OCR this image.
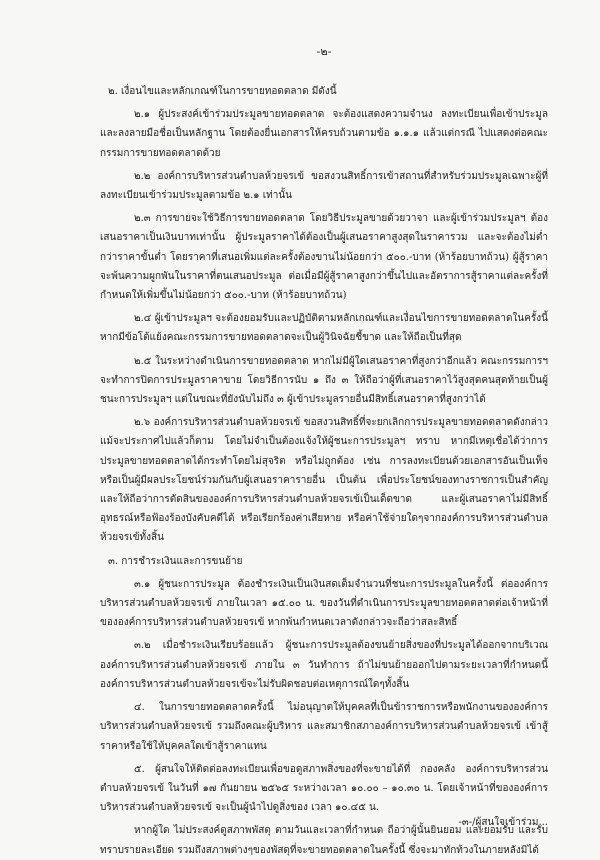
-๒-

๒. เงื่อนไขและหลักเกณฑ์ในการขายทอดตลาด มีดังนี้

๒.๑ ผู้ประสงค์เข้าร่วมประมูลขายทอดตลาด จะต้องแสดงความจำนง ลงทะเบียนเพื่อเข้าประมูล และลงลายมือชื่อเป็นหลักฐาน โดยต้องยื่นเอกสารให้ครบถ้วนตามข้อ ๑.๑.๑ แล้วแต่กรณี ไปแสดงต่อคณะกรรมการขายทอดตลาดด้วย

๒.๒ องค์การบริหารส่วนตำบลห้วยจรเข้ ขอสงวนสิทธิ์การเข้าสถานที่สำหรับร่วมประมูลเฉพาะผู้ที่ลงทะเบียนเข้าร่วมประมูลตามข้อ ๒.๑ เท่านั้น

๒.๓ การขายจะใช้วิธีการขายทอดตลาด โดยวิธีประมูลขายด้วยวาจา และผู้เข้าร่วมประมูลฯ ต้องเสนอราคาเป็นเงินบาทเท่านั้น ผู้ประมูลราคาได้ต้องเป็นผู้เสนอราคาสูงสุดในราคารวม และจะต้องไม่ต่ำกว่าราคาขั้นต่ำ โดยราคาที่เสนอเพิ่มแต่ละครั้งต้องขานไม่น้อยกว่า ๕๐๐.-บาท (ห้าร้อยบาทถ้วน) ผู้สู้ราคาจะพ้นความผูกพันในราคาที่ตนเสนอประมูล ต่อเมื่อมีผู้สู้ราคาสูงกว่าขึ้นไปและอัตราการสู้ราคาแต่ละครั้งที่กำหนดให้เพิ่มขึ้นไม่น้อยกว่า ๕๐๐.-บาท (ห้าร้อยบาทถ้วน)

๒.๔ ผู้เข้าประมูลฯ จะต้องยอมรับและปฏิบัติตามหลักเกณฑ์และเงื่อนไขการขายทอดตลาดในครั้งนี้ หากมีข้อโต้แย้งคณะกรรมการขายทอดตลาดจะเป็นผู้วินิจฉัยชี้ขาด และให้ถือเป็นที่สุด

๒.๕ ในระหว่างดำเนินการขายทอดตลาด หากไม่มีผู้ใดเสนอราคาที่สูงกว่าอีกแล้ว คณะกรรมการฯ จะทำการปิดการประมูลราคาขาย โดยวิธีการนับ ๑ ถึง ๓ ให้ถือว่าผู้ที่เสนอราคาไว้สูงสุดคนสุดท้ายเป็นผู้ชนะการประมูลฯ แต่ในขณะที่ยังนับไม่ถึง ๓ ผู้เข้าประมูลรายอื่นมีสิทธิ์เสนอราคาที่สูงกว่าได้

๒.๖ องค์การบริหารส่วนตำบลห้วยจรเข้ ขอสงวนสิทธิ์ที่จะยกเลิกการประมูลขายทอดตลาดดังกล่าว แม้จะประกาศไปแล้วก็ตาม โดยไม่จำเป็นต้องแจ้งให้ผู้ชนะการประมูลฯ ทราบ หากมีเหตุเชื่อได้ว่าการประมูลขายทอดตลาดได้กระทำโดยไม่สุจริต หรือไม่ถูกต้อง เช่น การลงทะเบียนด้วยเอกสารอันเป็นเท็จ หรือเป็นผู้มีผลประโยชน์ร่วมกันกับผู้เสนอราคารายอื่น เป็นต้น เพื่อประโยชน์ของทางราชการเป็นสำคัญและให้ถือว่าการตัดสินขององค์การบริหารส่วนตำบลห้วยจรเข้เป็นเด็ดขาด และผู้เสนอราคาไม่มีสิทธิ์อุทธรณ์หรือฟ้องร้องบังคับคดีได้ หรือเรียกร้องค่าเสียหาย หรือค่าใช้จ่ายใดๆจากองค์การบริหารส่วนตำบลห้วยจรเข้ทั้งสิ้น

๓. การชำระเงินและการขนย้าย

๓.๑ ผู้ชนะการประมูล ต้องชำระเงินเป็นเงินสดเต็มจำนวนที่ชนะการประมูลในครั้งนี้ ต่อองค์การบริหารส่วนตำบลห้วยจรเข้ ภายในเวลา ๑๕.๐๐ น. ของวันที่ดำเนินการประมูลขายทอดตลาดต่อเจ้าหน้าที่ขององค์การบริหารส่วนตำบลห้วยจรเข้ หากพ้นกำหนดเวลาดังกล่าวจะถือว่าสละสิทธิ์

๓.๒ เมื่อชำระเงินเรียบร้อยแล้ว ผู้ชนะการประมูลต้องขนย้ายสิ่งของที่ประมูลได้ออกจากบริเวณองค์การบริหารส่วนตำบลห้วยจรเข้ ภายใน ๓ วันทำการ ถ้าไม่ขนย้ายออกไปตามระยะเวลาที่กำหนดนี้องค์การบริหารส่วนตำบลห้วยจรเข้จะไม่รับผิดชอบต่อเหตุการณ์ใดๆทั้งสิ้น

๔. ในการขายทอดตลาดครั้งนี้ ไม่อนุญาตให้บุคคลที่เป็นข้าราชการหรือพนักงานขององค์การบริหารส่วนตำบลห้วยจรเข้ รวมถึงคณะผู้บริหาร และสมาชิกสภาองค์การบริหารส่วนตำบลห้วยจรเข้ เข้าสู้ราคาหรือใช้ให้บุคคลใดเข้าสู้ราคาแทน

๕. ผู้สนใจให้ติดต่อลงทะเบียนเพื่อขอดูสภาพสิ่งของที่จะขายได้ที่ กองคลัง องค์การบริหารส่วนตำบลห้วยจรเข้ ในวันที่ ๑๗ กันยายน ๒๕๖๕ ระหว่างเวลา ๑๐.๐๐ – ๑๐.๓๐ น. โดยเจ้าหน้าที่ขององค์การบริหารส่วนตำบลห้วยจรเข้ จะเป็นผู้นำไปดูสิ่งของ เวลา ๑๐.๔๕ น.

หากผู้ใด ไม่ประสงค์ดูสภาพพัสดุ ตามวันและเวลาที่กำหนด ถือว่าผู้นั้นยินยอม และยอมรับ และรับทราบรายละเอียด รวมถึงสภาพต่างๆของพัสดุที่จะขายทอดตลาดในครั้งนี้ ซึ่งจะมาทักท้วงในภายหลังมิได้

-๓-/ผู้สนใจเข้าร่วม...
